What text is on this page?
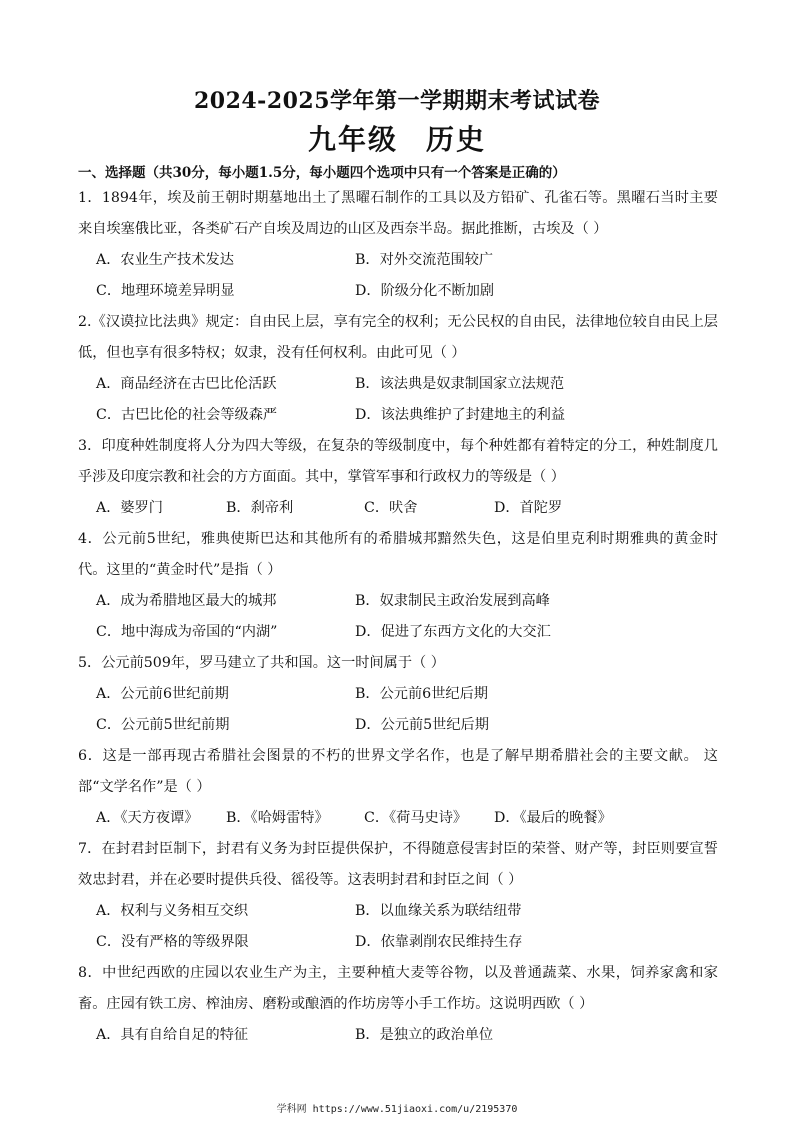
2024-2025学年第一学期期末考试试卷
九年级 历史
一、选择题（共30分，每小题1.5分，每小题四个选项中只有一个答案是正确的）
1．1894年，埃及前王朝时期墓地出土了黑曜石制作的工具以及方铅矿、孔雀石等。黑曜石当时主要来自埃塞俄比亚，各类矿石产自埃及周边的山区及西奈半岛。据此推断，古埃及（ ）
A．农业生产技术发达	B．对外交流范围较广
C．地理环境差异明显	D．阶级分化不断加剧
2.《汉谟拉比法典》规定：自由民上层，享有完全的权利；无公民权的自由民，法律地位较自由民上层低，但也享有很多特权；奴隶，没有任何权利。由此可见（ ）
A．商品经济在古巴比伦活跃	B．该法典是奴隶制国家立法规范
C．古巴比伦的社会等级森严	D．该法典维护了封建地主的利益
3．印度种姓制度将人分为四大等级，在复杂的等级制度中，每个种姓都有着特定的分工，种姓制度几乎涉及印度宗教和社会的方方面面。其中，掌管军事和行政权力的等级是（ ）
A．婆罗门	B．刹帝利	C．吠舍	D．首陀罗
4．公元前5世纪，雅典使斯巴达和其他所有的希腊城邦黯然失色，这是伯里克利时期雅典的黄金时代。这里的“黄金时代”是指（ ）
A．成为希腊地区最大的城邦	B．奴隶制民主政治发展到高峰
C．地中海成为帝国的“内湖”	D．促进了东西方文化的大交汇
5．公元前509年，罗马建立了共和国。这一时间属于（ ）
A．公元前6世纪前期	B．公元前6世纪后期
C．公元前5世纪前期	D．公元前5世纪后期
6．这是一部再现古希腊社会图景的不朽的世界文学名作，也是了解早期希腊社会的主要文献。 这部“文学名作”是（ ）
A．《天方夜谭》	B．《哈姆雷特》	C．《荷马史诗》	D．《最后的晚餐》
7．在封君封臣制下，封君有义务为封臣提供保护，不得随意侵害封臣的荣誉、财产等，封臣则要宣誓效忠封君，并在必要时提供兵役、徭役等。这表明封君和封臣之间（ ）
A．权利与义务相互交织	B．以血缘关系为联结纽带
C．没有严格的等级界限	D．依靠剥削农民维持生存
8．中世纪西欧的庄园以农业生产为主，主要种植大麦等谷物，以及普通蔬菜、水果，饲养家禽和家畜。庄园有铁工房、榨油房、磨粉或酿酒的作坊房等小手工作坊。这说明西欧（ ）
A．具有自给自足的特征	B．是独立的政治单位
学科网 https://www.51jiaoxi.com/u/2195370
